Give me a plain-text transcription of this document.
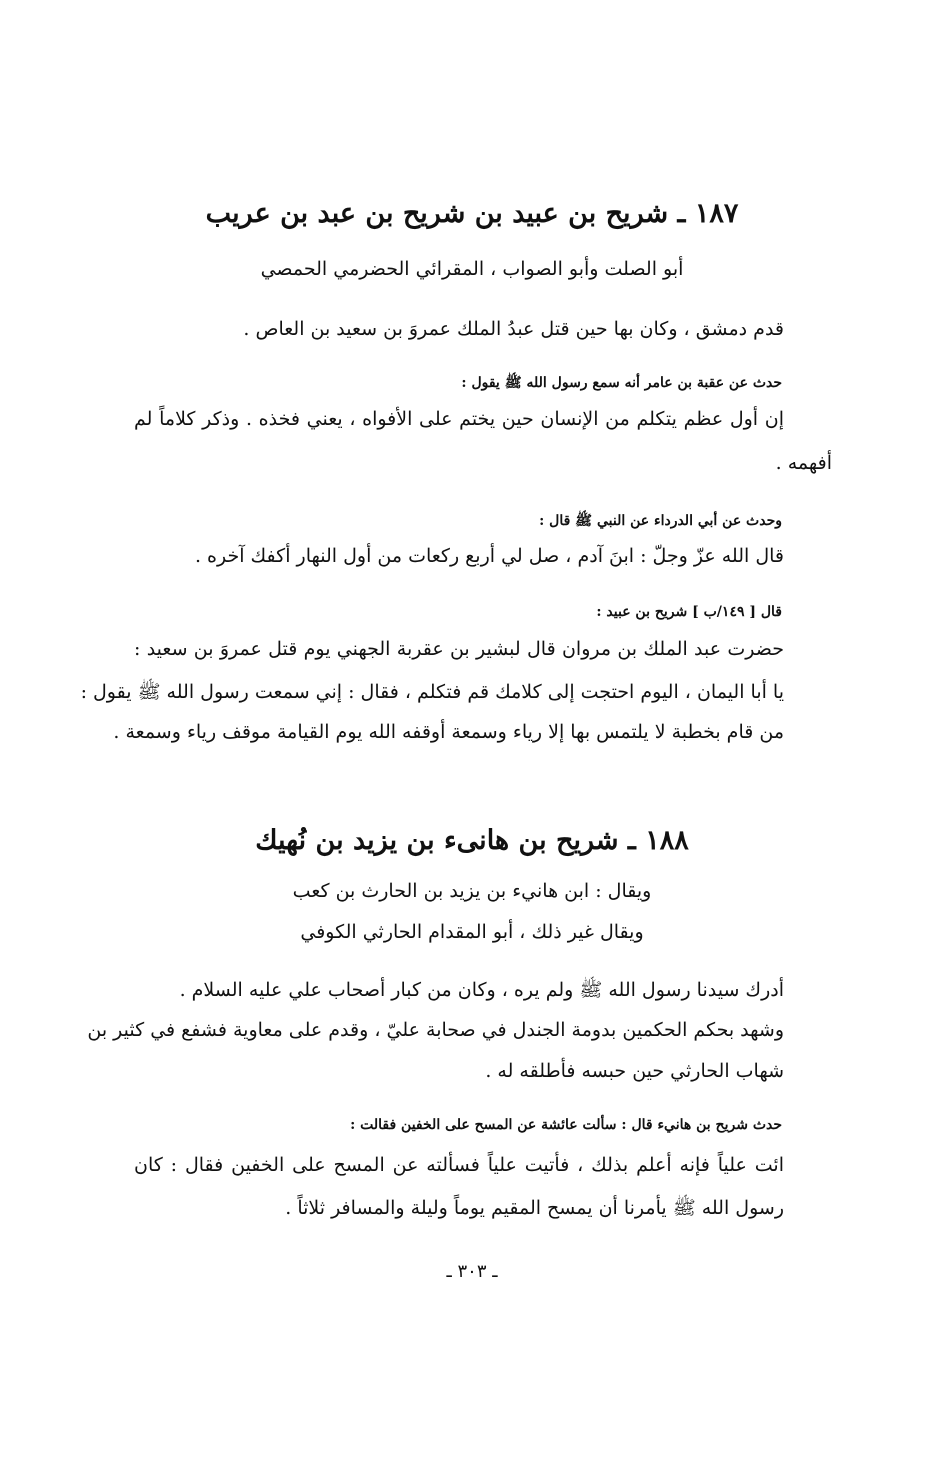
١٨٧ ـ شريح بن عبيد بن شريح بن عبد بن عريب
أبو الصلت وأبو الصواب ، المقرائي الحضرمي الحمصي
قدم دمشق ، وكان بها حين قتل عبدُ الملك عمروَ بن سعيد بن العاص .
حدث عن عقبة بن عامر أنه سمع رسول الله ﷺ يقول :
إن أول عظم يتكلم من الإنسان حين يختم على الأفواه ، يعني فخذه . وذكر كلاماً لم
أفهمه .
وحدث عن أبي الدرداء عن النبي ﷺ قال :
قال الله عزّ وجلّ : ابنَ آدم ، صل لي أربع ركعات من أول النهار أكفك آخره .
قال [ ١٤٩/ب ] شريح بن عبيد :
حضرت عبد الملك بن مروان قال لبشير بن عقربة الجهني يوم قتل عمروَ بن سعيد :
يا أبا اليمان ، اليوم احتجت إلى كلامك قم فتكلم ، فقال : إني سمعت رسول الله ﷺ يقول :
من قام بخطبة لا يلتمس بها إلا رياء وسمعة أوقفه الله يوم القيامة موقف رياء وسمعة .
١٨٨ ـ شريح بن هانىء بن يزيد بن نُهيك
ويقال : ابن هانيء بن يزيد بن الحارث بن كعب
ويقال غير ذلك ، أبو المقدام الحارثي الكوفي
أدرك سيدنا رسول الله ﷺ ولم يره ، وكان من كبار أصحاب علي عليه السلام .
وشهد بحكم الحكمين بدومة الجندل في صحابة عليّ ، وقدم على معاوية فشفع في كثير بن
شهاب الحارثي حين حبسه فأطلقه له .
حدث شريح بن هانيء قال : سألت عائشة عن المسح على الخفين فقالت :
ائت علياً فإنه أعلم بذلك ، فأتيت علياً فسألته عن المسح على الخفين فقال : كان
رسول الله ﷺ يأمرنا أن يمسح المقيم يوماً وليلة والمسافر ثلاثاً .
ـ ٣٠٣ ـ
